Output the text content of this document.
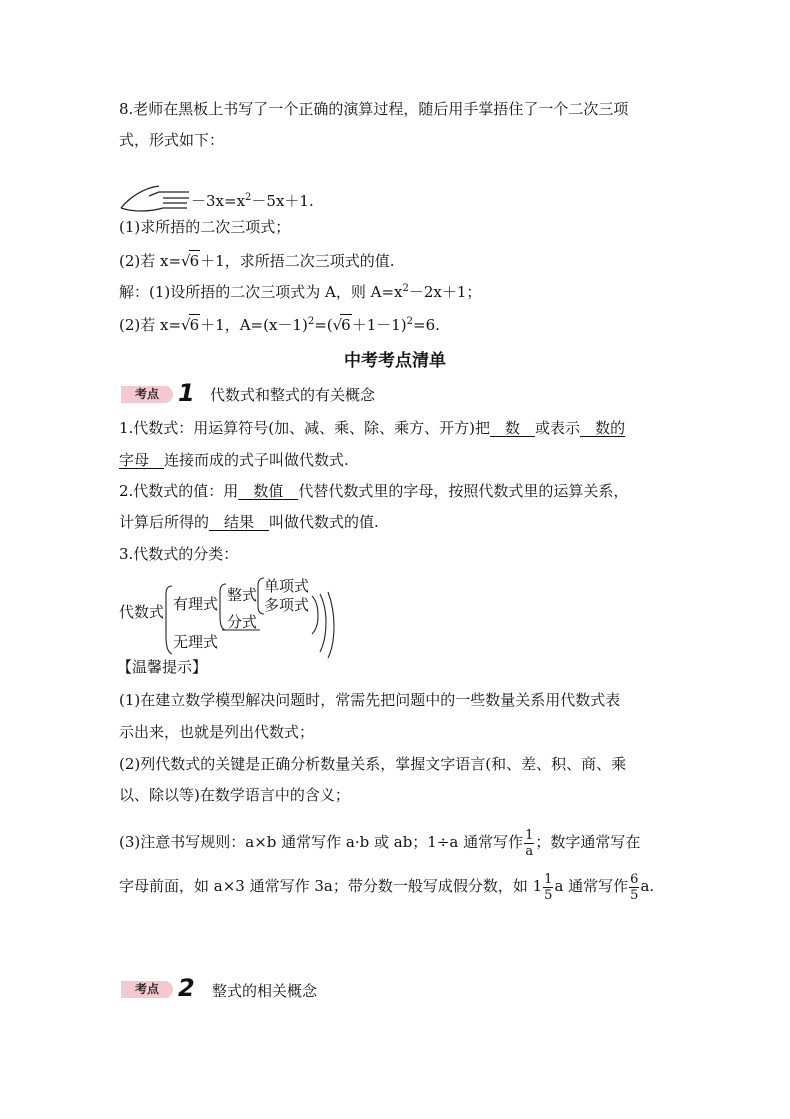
8.老师在黑板上书写了一个正确的演算过程，随后用手掌捂住了一个二次三项
式，形式如下：
$-3x=x^2-5x+1$.
(1)求所捂的二次三项式；
(2)若 x=√6＋1，求所捂二次三项式的值.
解：(1)设所捂的二次三项式为 A，则 $A=x^2-2x+1$；
(2)若 x=√6＋1，$A=(x-1)^2=(√6+1-1)^2=6$.
中考考点清单
考点 1 代数式和整式的有关概念
1.代数式：用运算符号(加、减、乘、除、乘方、开方)把　数　或表示　数的
字母　连接而成的式子叫做代数式.
2.代数式的值：用　数值　代替代数式里的字母，按照代数式里的运算关系，
计算后所得的　结果　叫做代数式的值.
3.代数式的分类：
代数式 有理式
无理式
整式
分式
单项式
多项式
【温馨提示】
(1)在建立数学模型解决问题时，常需先把问题中的一些数量关系用代数式表
示出来，也就是列出代数式；
(2)列代数式的关键是正确分析数量关系，掌握文字语言(和、差、积、商、乘
以、除以等)在数学语言中的含义；
(3)注意书写规则：a×b 通常写作 a·b 或 ab；1÷a 通常写作 $\frac{1}{a}$ ；数字通常写在
字母前面，如 a×3 通常写作 3a；带分数一般写成假分数，如 $1 \frac{1}{5}$ a 通常写作 $\frac{6}{5} a$.
考点 2 整式的相关概念
